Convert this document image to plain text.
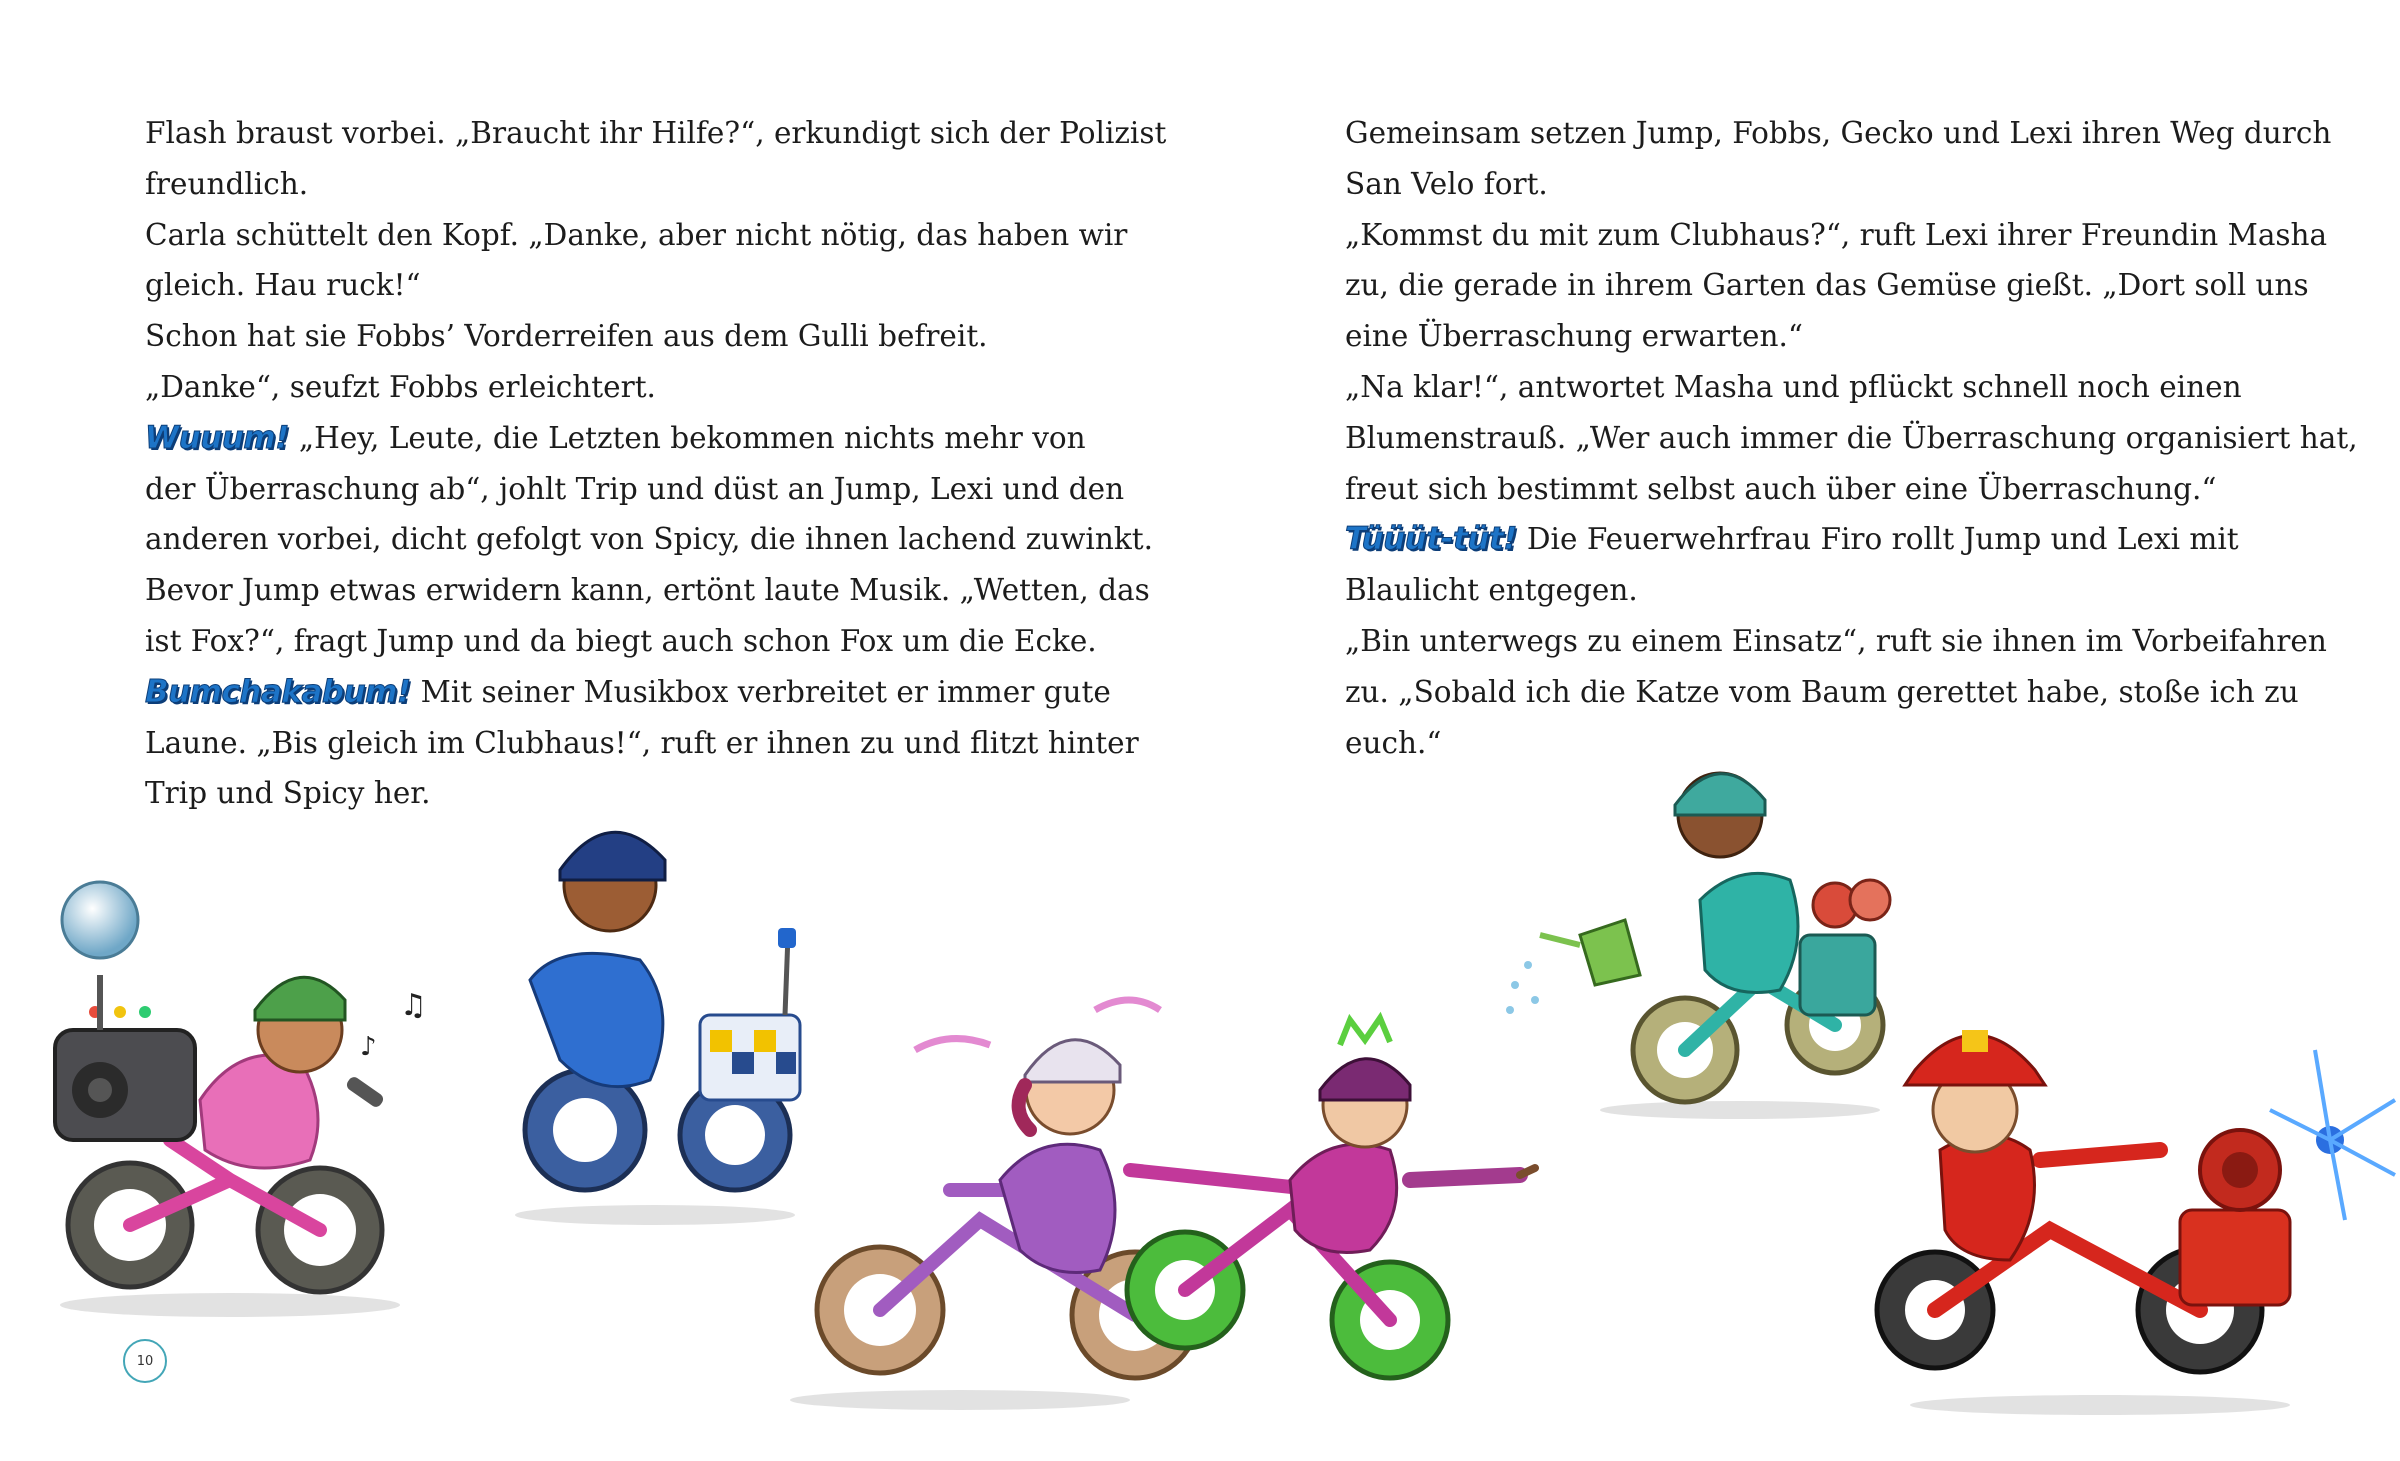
Flash braust vorbei. „Braucht ihr Hilfe?“, erkundigt sich der Polizist
freundlich.
Carla schüttelt den Kopf. „Danke, aber nicht nötig, das haben wir
gleich. Hau ruck!“
Schon hat sie Fobbs’ Vorderreifen aus dem Gulli befreit.
„Danke“, seufzt Fobbs erleichtert.
Wuuum! „Hey, Leute, die Letzten bekommen nichts mehr von
der Überraschung ab“, johlt Trip und düst an Jump, Lexi und den
anderen vorbei, dicht gefolgt von Spicy, die ihnen lachend zuwinkt.
Bevor Jump etwas erwidern kann, ertönt laute Musik. „Wetten, das
ist Fox?“, fragt Jump und da biegt auch schon Fox um die Ecke.
Bumchakabum! Mit seiner Musikbox verbreitet er immer gute
Laune. „Bis gleich im Clubhaus!“, ruft er ihnen zu und flitzt hinter
Trip und Spicy her.
Gemeinsam setzen Jump, Fobbs, Gecko und Lexi ihren Weg durch
San Velo fort.
„Kommst du mit zum Clubhaus?“, ruft Lexi ihrer Freundin Masha
zu, die gerade in ihrem Garten das Gemüse gießt. „Dort soll uns
eine Überraschung erwarten.“
„Na klar!“, antwortet Masha und pflückt schnell noch einen
Blumenstrauß. „Wer auch immer die Überraschung organisiert hat,
freut sich bestimmt selbst auch über eine Überraschung.“
Tüüüt-tüt! Die Feuerwehrfrau Firo rollt Jump und Lexi mit
Blaulicht entgegen.
„Bin unterwegs zu einem Einsatz“, ruft sie ihnen im Vorbeifahren
zu. „Sobald ich die Katze vom Baum gerettet habe, stoße ich zu
euch.“
10
♫
♪
